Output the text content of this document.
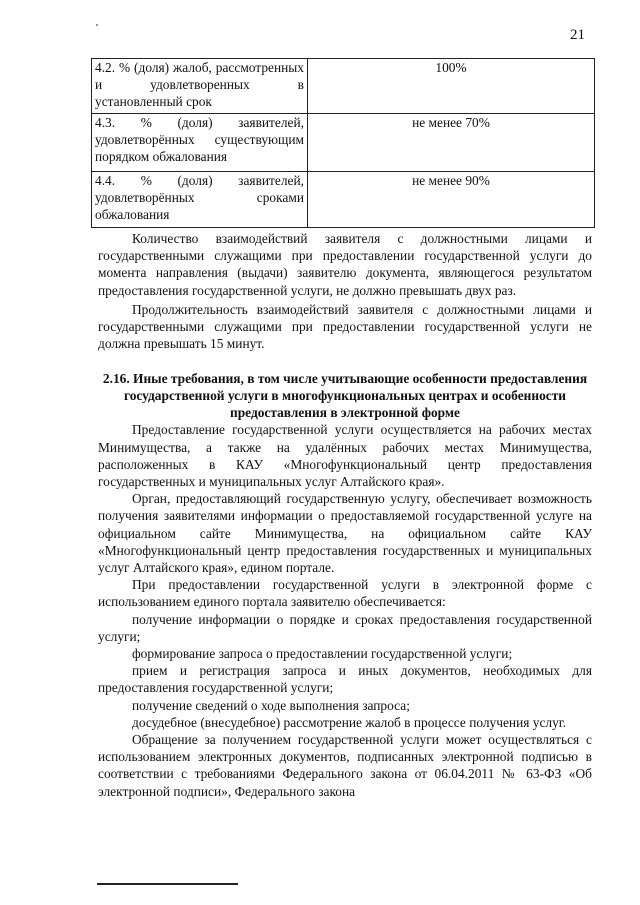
21
4.2. % (доля) жалоб, рассмотренных и удовлетворенных в установленный срок	100%
4.3. % (доля) заявителей, удовлетворённых существующим порядком обжалования	не менее 70%
4.4. % (доля) заявителей, удовлетворённых сроками обжалования	не менее 90%

Количество взаимодействий заявителя с должностными лицами и государственными служащими при предоставлении государственной услуги до момента направления (выдачи) заявителю документа, являющегося результатом предоставления государственной услуги, не должно превышать двух раз.

Продолжительность взаимодействий заявителя с должностными лицами и государственными служащими при предоставлении государственной услуги не должна превышать 15 минут.

2.16. Иные требования, в том числе учитывающие особенности предоставления государственной услуги в многофункциональных центрах и особенности предоставления в электронной форме

Предоставление государственной услуги осуществляется на рабочих местах Минимущества, а также на удалённых рабочих местах Минимущества, расположенных в КАУ «Многофункциональный центр предоставления государственных и муниципальных услуг Алтайского края».

Орган, предоставляющий государственную услугу, обеспечивает возможность получения заявителями информации о предоставляемой государственной услуге на официальном сайте Минимущества, на официальном сайте КАУ «Многофункциональный центр предоставления государственных и муниципальных услуг Алтайского края», едином портале.

При предоставлении государственной услуги в электронной форме с использованием единого портала заявителю обеспечивается:

получение информации о порядке и сроках предоставления государственной услуги;

формирование запроса о предоставлении государственной услуги;

прием и регистрация запроса и иных документов, необходимых для предоставления государственной услуги;

получение сведений о ходе выполнения запроса;

досудебное (внесудебное) рассмотрение жалоб в процессе получения услуг.

Обращение за получением государственной услуги может осуществляться с использованием электронных документов, подписанных электронной подписью в соответствии с требованиями Федерального закона от 06.04.2011 № 63-ФЗ «Об электронной подписи», Федерального закона
